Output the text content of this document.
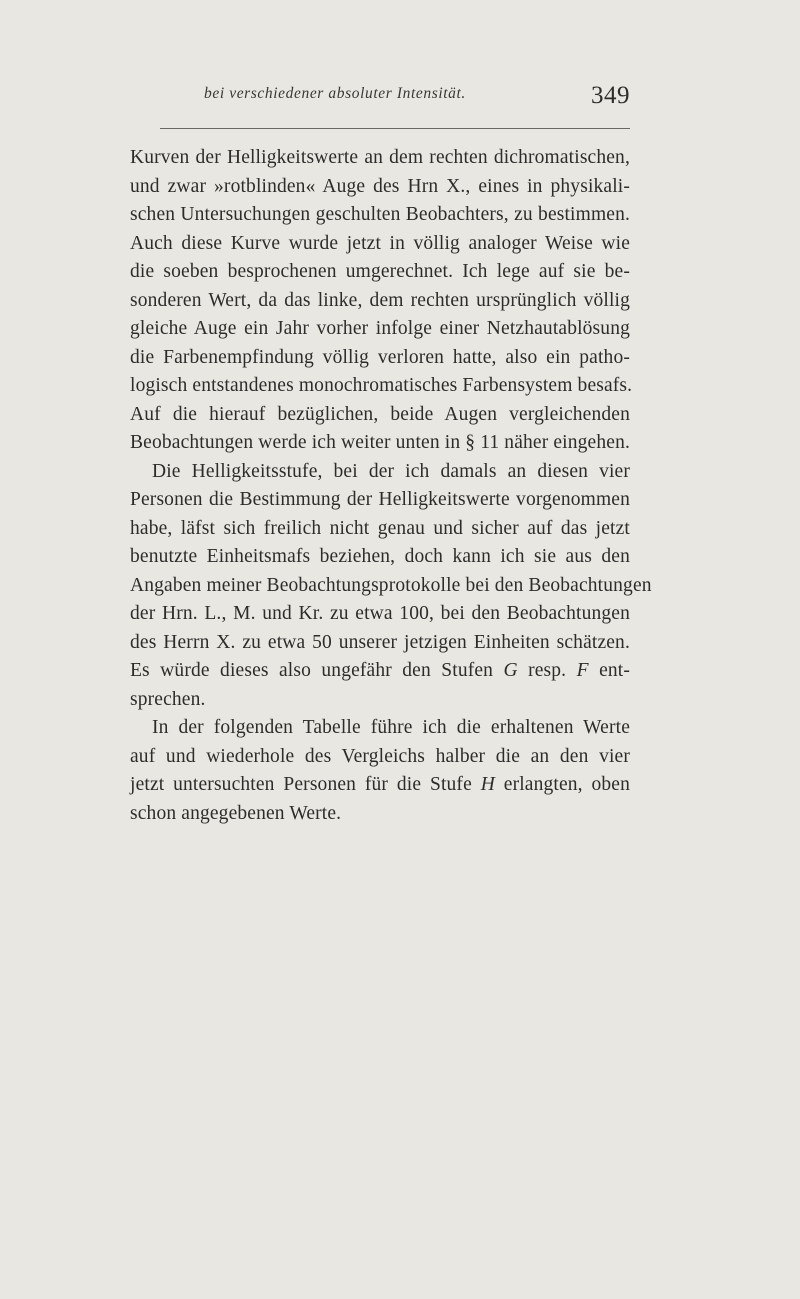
bei verschiedener absoluter Intensität.	349
Kurven der Helligkeitswerte an dem rechten dichromatischen,
und zwar »rotblinden« Auge des Hrn X., eines in physikali-
schen Untersuchungen geschulten Beobachters, zu bestimmen.
Auch diese Kurve wurde jetzt in völlig analoger Weise wie
die soeben besprochenen umgerechnet. Ich lege auf sie be-
sonderen Wert, da das linke, dem rechten ursprünglich völlig
gleiche Auge ein Jahr vorher infolge einer Netzhautablösung
die Farbenempfindung völlig verloren hatte, also ein patho-
logisch entstandenes monochromatisches Farbensystem besafs.
Auf die hierauf bezüglichen, beide Augen vergleichenden
Beobachtungen werde ich weiter unten in § 11 näher eingehen.
Die Helligkeitsstufe, bei der ich damals an diesen vier
Personen die Bestimmung der Helligkeitswerte vorgenommen
habe, läfst sich freilich nicht genau und sicher auf das jetzt
benutzte Einheitsmafs beziehen, doch kann ich sie aus den
Angaben meiner Beobachtungsprotokolle bei den Beobachtungen
der Hrn. L., M. und Kr. zu etwa 100, bei den Beobachtungen
des Herrn X. zu etwa 50 unserer jetzigen Einheiten schätzen.
Es würde dieses also ungefähr den Stufen G resp. F ent-
sprechen.
In der folgenden Tabelle führe ich die erhaltenen Werte
auf und wiederhole des Vergleichs halber die an den vier
jetzt untersuchten Personen für die Stufe H erlangten, oben
schon angegebenen Werte.
